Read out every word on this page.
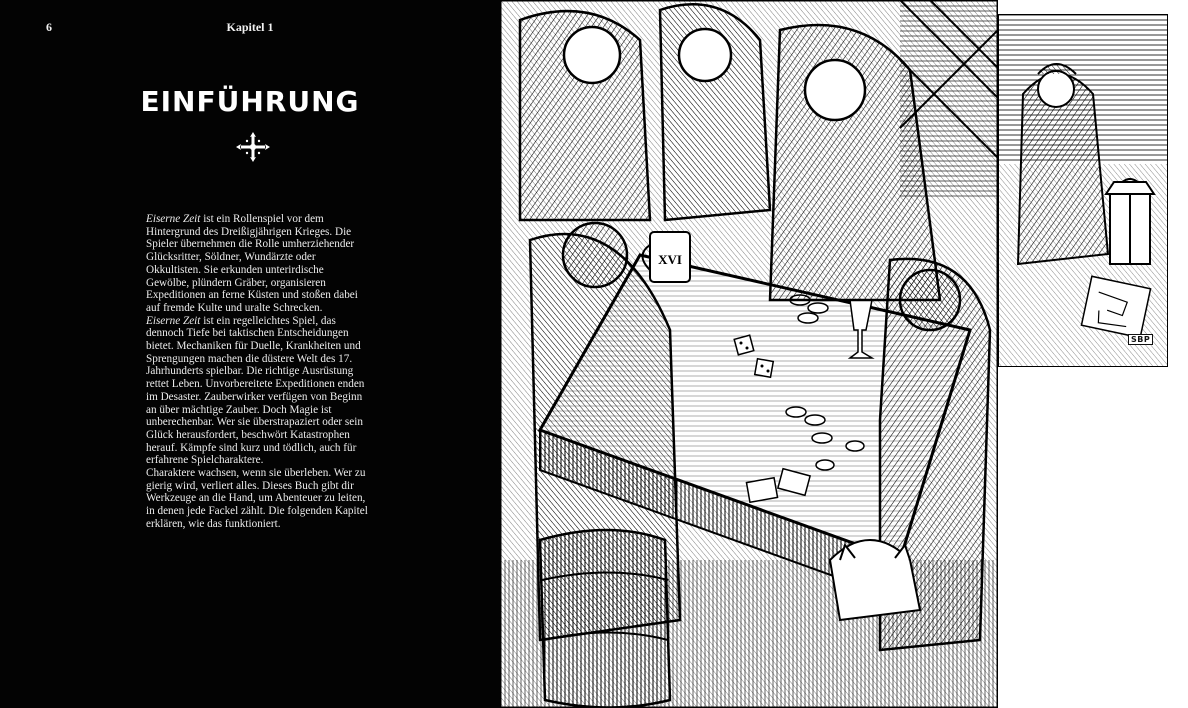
6	Kapitel 1
EINFÜHRUNG

Eiserne Zeit ist ein Rollenspiel vor dem Hintergrund des Dreißigjährigen Krieges. Die Spieler übernehmen die Rolle umherziehender Glücksritter, Söldner, Wundärzte oder Okkultisten. Sie erkunden unterirdische Gewölbe, plündern Gräber, organisieren Expeditionen an ferne Küsten und stoßen dabei auf fremde Kulte und uralte Schrecken.

Eiserne Zeit ist ein regelleichtes Spiel, das dennoch Tiefe bei taktischen Entscheidungen bietet. Mechaniken für Duelle, Krankheiten und Sprengungen machen die düstere Welt des 17. Jahrhunderts spielbar. Die richtige Ausrüstung rettet Leben. Unvorbereitete Expeditionen enden im Desaster. Zauberwirker verfügen von Beginn an über mächtige Zauber. Doch Magie ist unberechenbar. Wer sie überstrapaziert oder sein Glück herausfordert, beschwört Katastrophen herauf. Kämpfe sind kurz und tödlich, auch für erfahrene Spielcharaktere.

Charaktere wachsen, wenn sie überleben. Wer zu gierig wird, verliert alles. Dieses Buch gibt dir Werkzeuge an die Hand, um Abenteuer zu leiten, in denen jede Fackel zählt. Die folgenden Kapitel erklären, wie das funktioniert.

XVI
SBP
